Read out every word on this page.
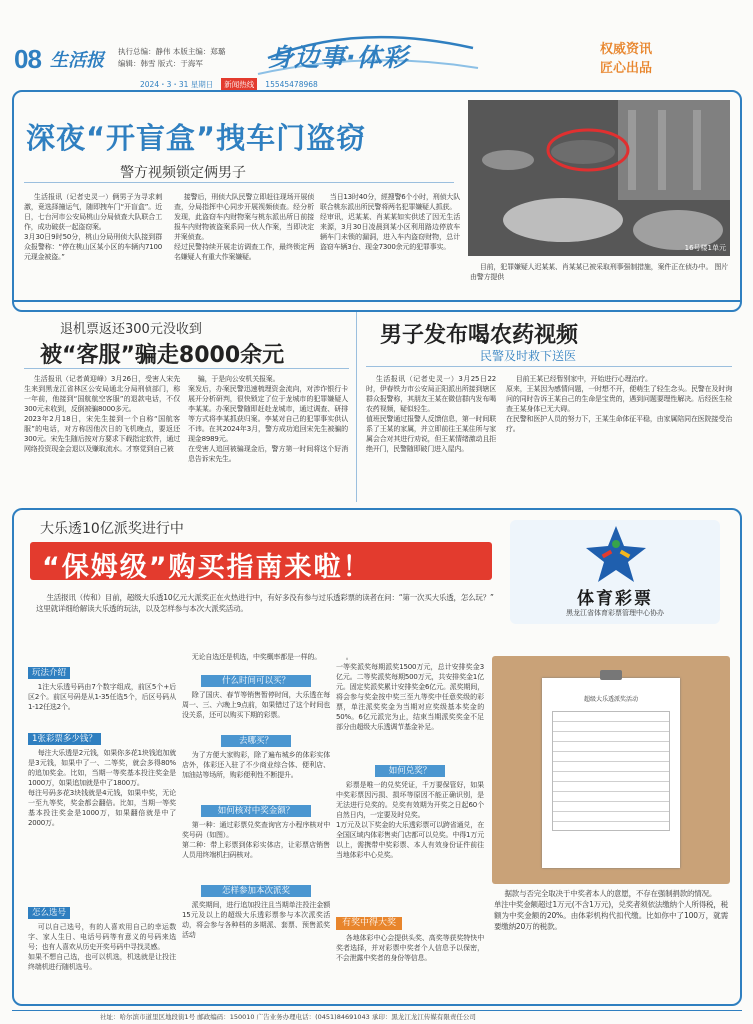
08 生活报 执行总编：静伟 本版主编：郑璐
编辑：韩雪 版式：于海军	身边事·体彩	权威资讯
匠心出品
2024・3・31 星期日	新闻热线	15545478968
深夜“开盲盒”拽车门盗窃
警方视频锁定俩男子
16号楼1单元

生活报讯（记者史灵一）俩男子为寻求刺激，竟选择撞运气，随即拽车门“开盲盒”。近日，七台河市公安局桃山分局侦查大队联合工作，成功破获一起盗窃案。
3月30日9时50分，桃山分局刑侦大队接到群众报警称：“停在桃山区某小区的车辆内7100元现金被盗。”

接警后，刑侦大队民警立即赶往现场开展侦查，分局指挥中心同步开展视频侦查。经分析发现，此盗窃车内财物案与桃东派出所日前接报车内财物被盗案系同一伙人作案，当即决定并案侦查。
经过民警持续开展走访调查工作，最终锁定两名嫌疑人有重大作案嫌疑。

当日13时40分，經搜警6个小时，刑侦大队联合桃东派出所民警将两名犯罪嫌疑人抓获。
经审讯，迟某某、肖某某如实供述了因无生活来源，3月30日凌晨到某小区利用路边停放车辆车门未锁的漏洞，进入车内盗窃财物，总计盗窃车辆3台、现金7300余元的犯罪事实。

目前，犯罪嫌疑人迟某某、肖某某已被采取刑事强制措施，案件正在侦办中。 图片由警方提供

退机票返还300元没收到
被“客服”骗走8000余元

生活报讯（记者黄迎峰）3月26日，受害人宋先生来到黑龙江省林区公安局通北分局刑侦部门，称一年前，他接到“国航航空客服”的退款电话，不仅300元未收到，反倒被骗8000多元。
2023年2月18日，宋先生接到一个自称“国航客服”的电话，对方称因他次日的飞机晚点，要返还300元。宋先生随后按对方要求下载指定软件，通过网络投资现金会退以及赚取流水。才察觉到自己被

骗，于是向公安机关报案。
案发后，办案民警迅速梳理资金流向，对涉诈银行卡展开分析研判，很快锁定了位于龙城市的犯罪嫌疑人李某某。办案民警随即赶赴龙城市，通过调查、研排等方式将李某抓获归案。李某对自己的犯罪事实供认不讳。在其2024年3月，警方成功追回宋先生被骗的现金8989元。
在受害人追回被骗现金后，警方第一时间将这个好消息告诉宋先生。

男子发布喝农药视频
民警及时救下送医

生活报讯（记者史灵一）3月25日22时，伊春铁力市公安局正阳派出所接到辖区群众报警称，其朋友王某在微信群内发布喝农药视频，疑似轻生。
值班民警通过报警人反馈信息，第一时间联系了王某的家属，并立即前往王某住所与家属会合对其进行劝说，但王某情绪激动且拒绝开门，民警随即破门进入屋内。

目前王某已经暂别家中，开始进行心理治疗。
原来，王某因为感情问题，一时想不开，便萌生了轻生念头。民警在及时询问的同时告诉王某自己的生命是宝贵的，遇到问题要理性解决。后经医生检查王某身体已无大碍。
在民警和医护人员的努力下，王某生命体征平稳，由家属陪同在医院接受治疗。

大乐透10亿派奖进行中
“保姆级”购买指南来啦！
体育彩票
黑龙江省体育彩票管理中心协办

生活报讯（传和）目前，超级大乐透10亿元大派奖正在火热进行中，有好多没有参与过乐透彩票的读者在问：“第一次买大乐透，怎么玩？”
这里就详细给解读大乐透的玩法，以及怎样参与本次大派奖活动。

玩法介绍

1注大乐透号码由7个数字组成，前区5个+后区2个。前区号码是从1-35任选5个，后区号码从1-12任选2个。

1张彩票多少钱？

每注大乐透是2元钱，如果你多花1块钱追加就是3元钱，如果中了一、二等奖，就会多得80%的追加奖金。比如，当期一等奖基本投注奖金是1000万，如果追加就是中了1800万。
每注号码多花3块钱就是4元钱，如果中奖，无论一至九等奖，奖金都会翻倍。比如，当期一等奖基本投注奖金是1000万，如果翻倍就是中了2000万。

怎么选号

可以自己选号，有的人喜欢用自己的幸运数字、家人生日、电话号码等有意义的号码来选号；也有人喜欢从历史开奖号码中寻找灵感。
如果不想自己选，也可以机选，机选就是让投注终端机进行随机选号。

无论自选还是机选，中奖概率都是一样的。

什么时间可以买？

除了国庆、春节等销售暂停时间，大乐透在每周一、三、六晚上9点前，如果错过了这个时间也没关系，还可以购买下期的彩票。

去哪买？

为了方便大家购彩，除了遍布城乡的体彩实体店外，体彩还入驻了不少商业综合体、便利店、加油站等场所，购彩便利性不断提升。

如何核对中奖金额？

第一种：通过彩票兑奖查询官方小程序核对中奖号码（如图）。
第二种：带上彩票到体彩实体店，让彩票店销售人员用终端机扫码核对。

怎样参加本次派奖

派奖期间，进行追加投注且当期单注投注金额15元及以上的超级大乐透彩票参与本次派奖活动，将会参与各种档的多期派、套票、预售派奖活动

。
一等奖派奖每期派奖1500万元，总计安排奖金3亿元。二等奖派奖每期500万元，共安排奖金1亿元。固定奖派奖累计安排奖金6亿元。派奖期间，将会参与奖金按中奖三至九等奖中任意奖级的彩票，单注派奖奖金为当期对应奖级基本奖金的50%。6亿元派完为止，结束当期派奖奖金不足部分由超级大乐透调节基金补足。

如何兑奖？

彩票是唯一的兑奖凭证，千万要保管好，如果中奖彩票因污损、损坏等原因不能正确识别，是无法进行兑奖的。兑奖有效期为开奖之日起60个自然日内，一定要及时兑奖。
1万元及以下奖金的大乐透彩票可以跨省通兑，在全国区域内体彩售卖门店都可以兑奖。中得1万元以上，需携带中奖彩票、本人有效身份证件前往当地体彩中心兑奖。

有奖中得大奖

各地体彩中心会提供头奖、高奖等获奖特快中奖者选择，并对彩票中奖者个人信息予以保密，不会泄露中奖者的身份等信息。

超级大乐透派奖活动

据款与否完全取决于中奖者本人的意愿，不存在强制捐款的情况。
单注中奖金额超过1万元(不含1万元)，兑奖者须依法缴纳个人所得税，税额为中奖金额的20%。由体彩机构代扣代缴。比如你中了100万，就需要缴纳20万的税款。

社址：哈尔滨市道里区地段街1号 邮政编码：150010 广告业务办理电话：(0451)84691043 承印：黑龙江龙江传媒有限责任公司
